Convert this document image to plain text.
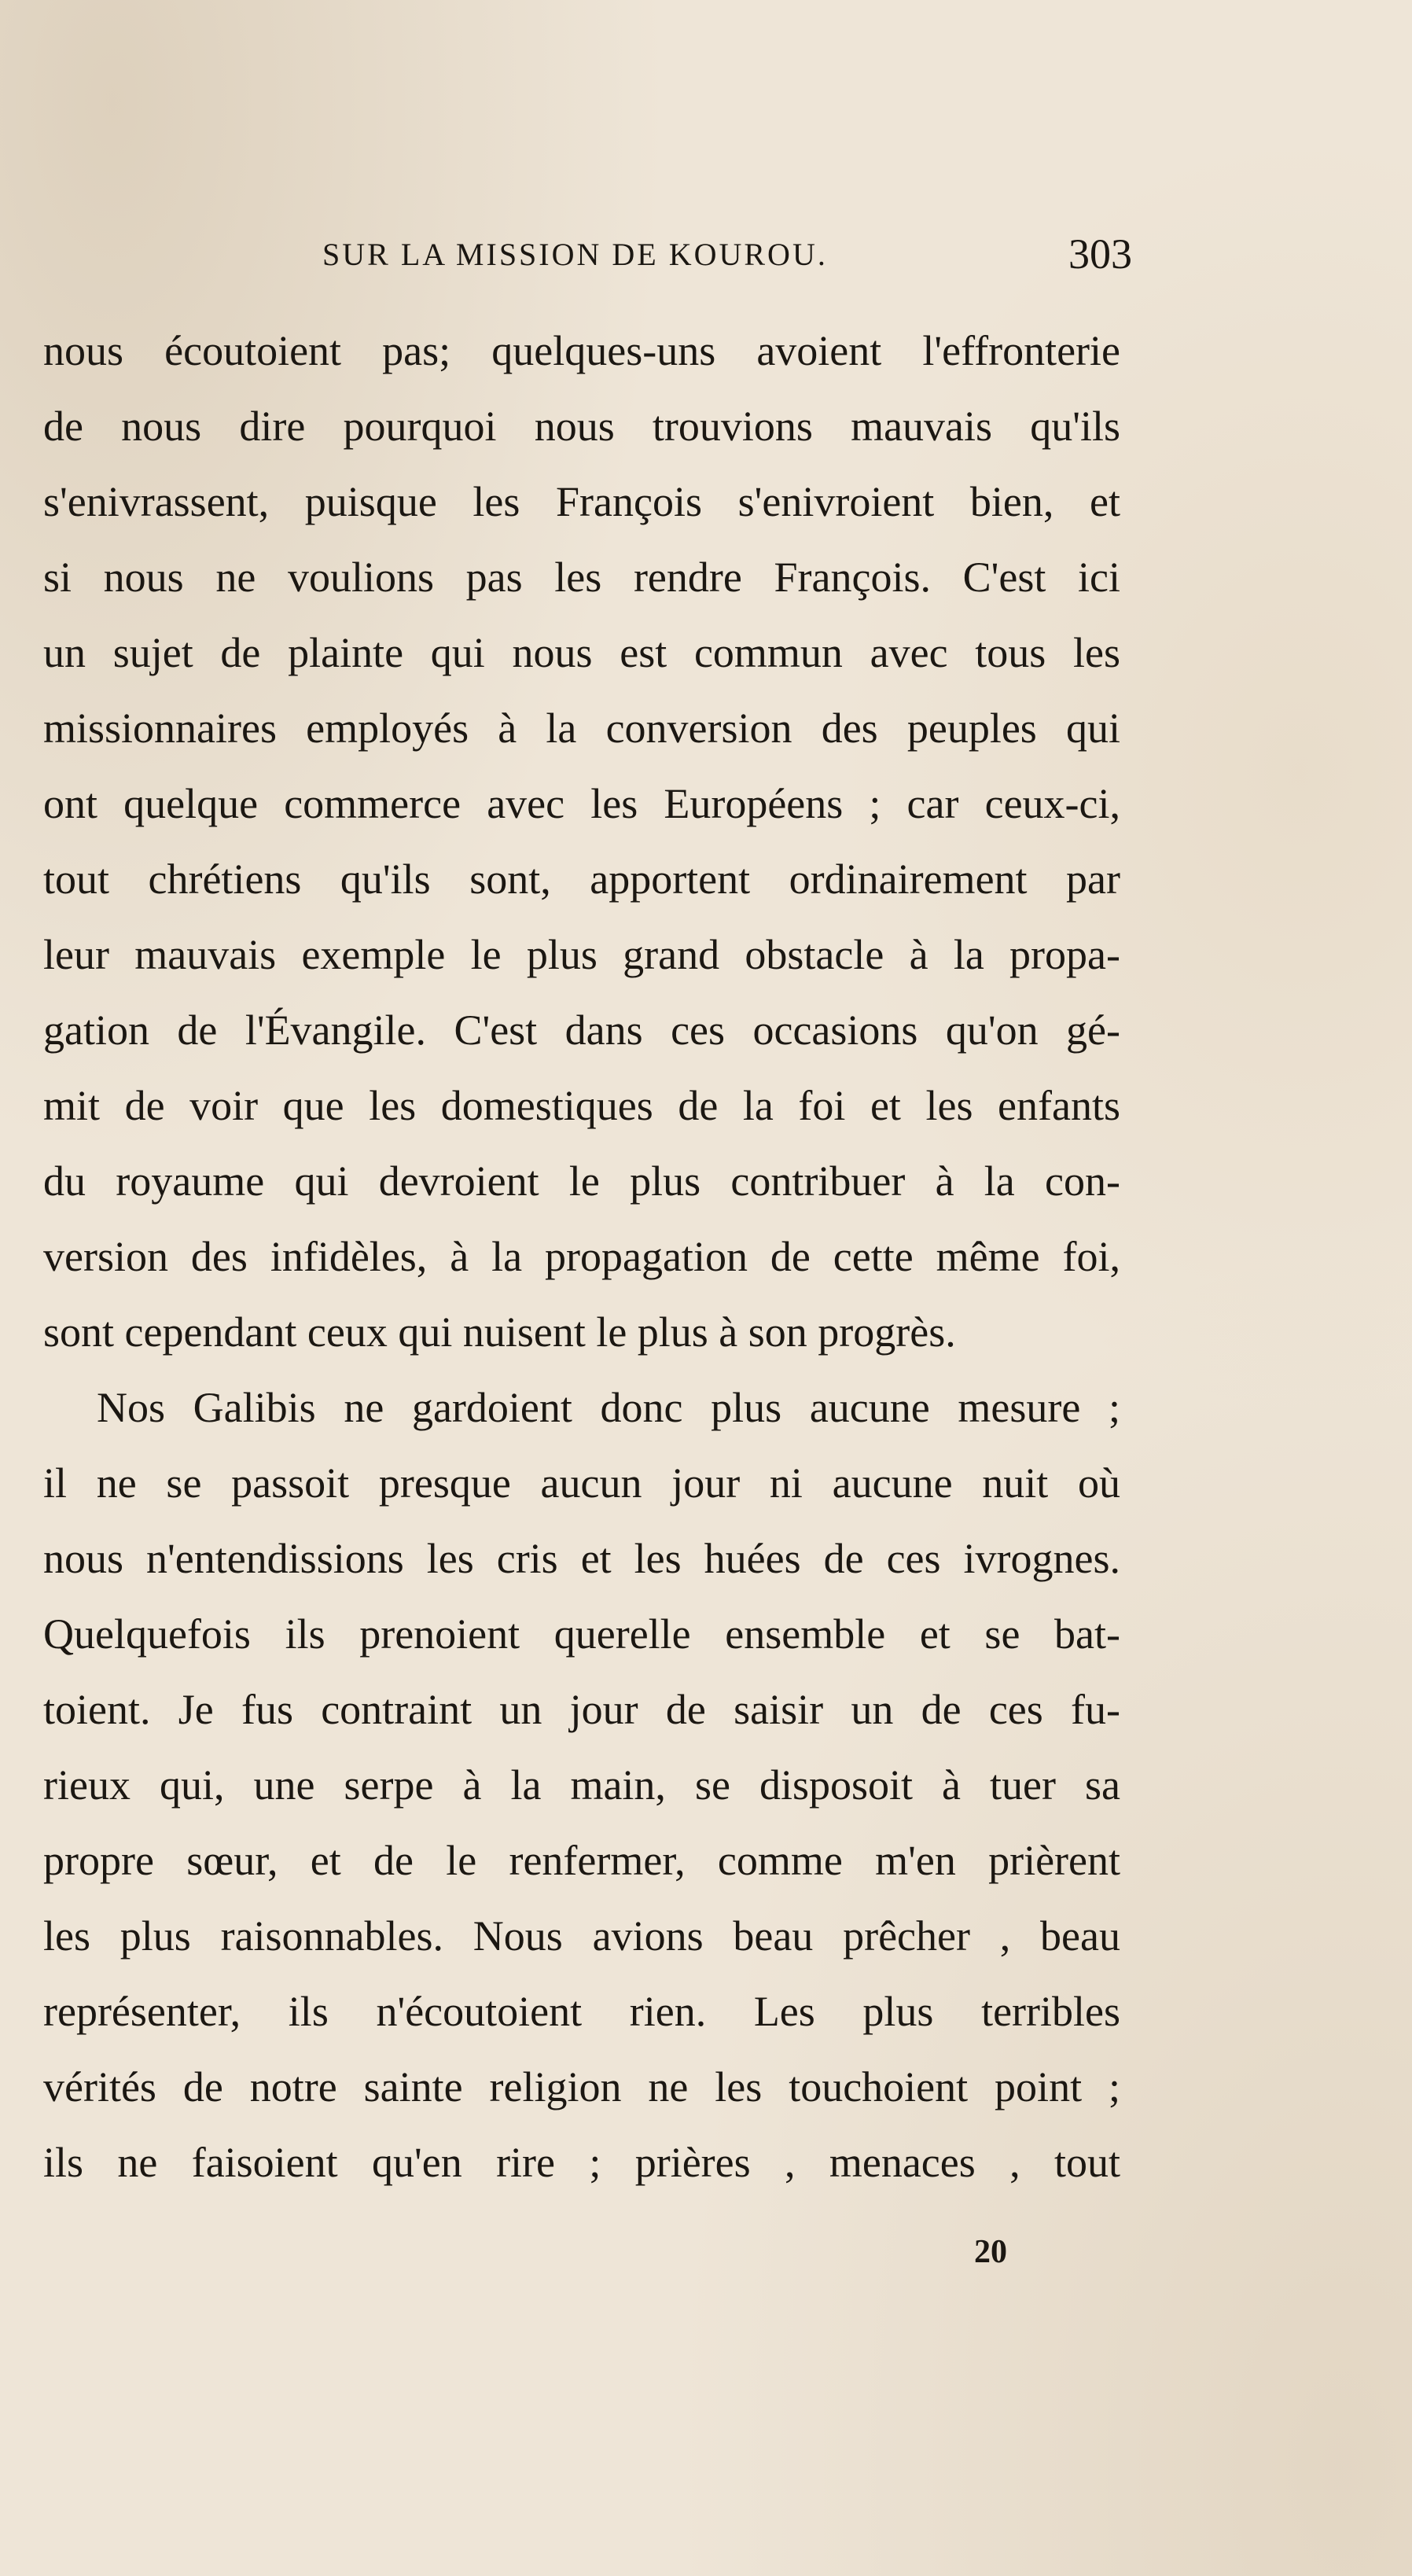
SUR LA MISSION DE KOUROU.	303
nous écoutoient pas; quelques-uns avoient l'effronterie
de nous dire pourquoi nous trouvions mauvais qu'ils
s'enivrassent, puisque les François s'enivroient bien, et
si nous ne voulions pas les rendre François. C'est ici
un sujet de plainte qui nous est commun avec tous les
missionnaires employés à la conversion des peuples qui
ont quelque commerce avec les Européens ; car ceux-ci,
tout chrétiens qu'ils sont, apportent ordinairement par
leur mauvais exemple le plus grand obstacle à la propa-
gation de l'Évangile. C'est dans ces occasions qu'on gé-
mit de voir que les domestiques de la foi et les enfants
du royaume qui devroient le plus contribuer à la con-
version des infidèles, à la propagation de cette même foi,
sont cependant ceux qui nuisent le plus à son progrès.
Nos Galibis ne gardoient donc plus aucune mesure ;
il ne se passoit presque aucun jour ni aucune nuit où
nous n'entendissions les cris et les huées de ces ivrognes.
Quelquefois ils prenoient querelle ensemble et se bat-
toient. Je fus contraint un jour de saisir un de ces fu-
rieux qui, une serpe à la main, se disposoit à tuer sa
propre sœur, et de le renfermer, comme m'en prièrent
les plus raisonnables. Nous avions beau prêcher , beau
représenter, ils n'écoutoient rien. Les plus terribles
vérités de notre sainte religion ne les touchoient point ;
ils ne faisoient qu'en rire ; prières , menaces , tout
20
